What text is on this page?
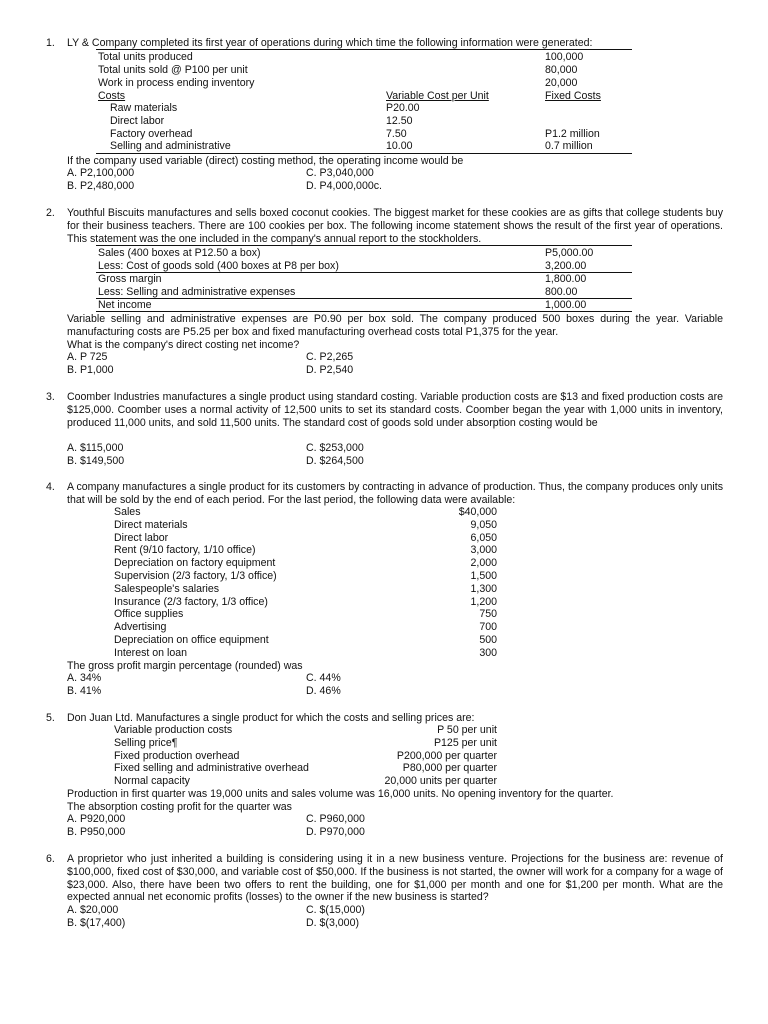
1. LY & Company completed its first year of operations during which time the following information were generated:
Total units produced	100,000
Total units sold @ P100 per unit	80,000
Work in process ending inventory	20,000
Costs	Variable Cost per Unit	Fixed Costs
Raw materials	P20.00
Direct labor	12.50
Factory overhead	7.50	P1.2 million
Selling and administrative	10.00	0.7 million
If the company used variable (direct) costing method, the operating income would be
A. P2,100,000	C. P3,040,000
B. P2,480,000	D. P4,000,000c.
2. Youthful Biscuits manufactures and sells boxed coconut cookies. The biggest market for these cookies are as gifts that college students buy for their business teachers. There are 100 cookies per box. The following income statement shows the result of the first year of operations. This statement was the one included in the company's annual report to the stockholders.
Sales (400 boxes at P12.50 a box)	P5,000.00
Less: Cost of goods sold (400 boxes at P8 per box)	3,200.00
Gross margin	1,800.00
Less: Selling and administrative expenses	800.00
Net income	1,000.00
Variable selling and administrative expenses are P0.90 per box sold. The company produced 500 boxes during the year. Variable manufacturing costs are P5.25 per box and fixed manufacturing overhead costs total P1,375 for the year.
What is the company's direct costing net income?
A. P 725	C. P2,265
B. P1,000	D. P2,540
3. Coomber Industries manufactures a single product using standard costing. Variable production costs are $13 and fixed production costs are $125,000. Coomber uses a normal activity of 12,500 units to set its standard costs. Coomber began the year with 1,000 units in inventory, produced 11,000 units, and sold 11,500 units. The standard cost of goods sold under absorption costing would be
A. $115,000	C. $253,000
B. $149,500	D. $264,500
4. A company manufactures a single product for its customers by contracting in advance of production. Thus, the company produces only units that will be sold by the end of each period. For the last period, the following data were available:
Sales	$40,000
Direct materials	9,050
Direct labor	6,050
Rent (9/10 factory, 1/10 office)	3,000
Depreciation on factory equipment	2,000
Supervision (2/3 factory, 1/3 office)	1,500
Salespeople's salaries	1,300
Insurance (2/3 factory, 1/3 office)	1,200
Office supplies	750
Advertising	700
Depreciation on office equipment	500
Interest on loan	300
The gross profit margin percentage (rounded) was
A. 34%	C. 44%
B. 41%	D. 46%
5. Don Juan Ltd. Manufactures a single product for which the costs and selling prices are:
Variable production costs	P 50 per unit
Selling price¶	P125 per unit
Fixed production overhead	P200,000 per quarter
Fixed selling and administrative overhead	P80,000 per quarter
Normal capacity	20,000 units per quarter
Production in first quarter was 19,000 units and sales volume was 16,000 units. No opening inventory for the quarter.
The absorption costing profit for the quarter was
A. P920,000	C. P960,000
B. P950,000	D. P970,000
6. A proprietor who just inherited a building is considering using it in a new business venture. Projections for the business are: revenue of $100,000, fixed cost of $30,000, and variable cost of $50,000. If the business is not started, the owner will work for a company for a wage of $23,000. Also, there have been two offers to rent the building, one for $1,000 per month and one for $1,200 per month. What are the expected annual net economic profits (losses) to the owner if the new business is started?
A. $20,000	C. $(15,000)
B. $(17,400)	D. $(3,000)
